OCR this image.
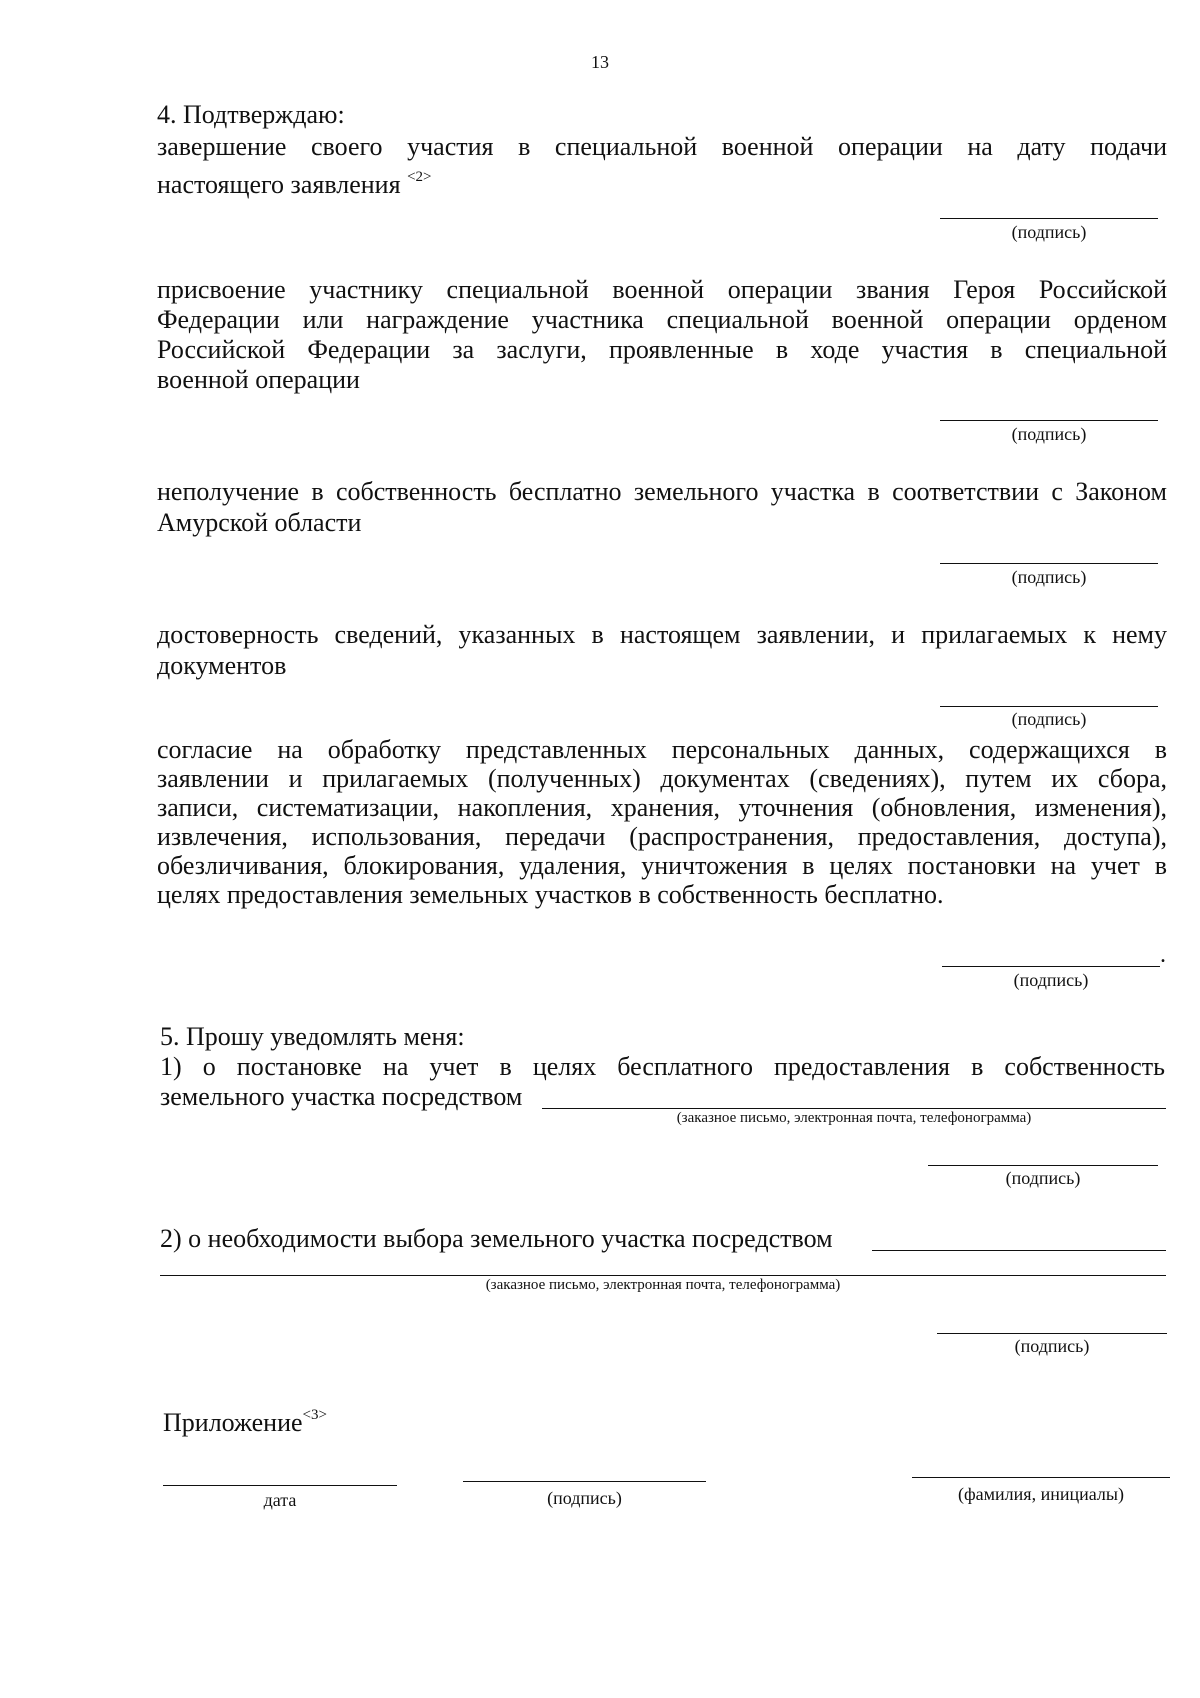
13
4. Подтверждаю:
завершение своего участия в специальной военной операции на дату подачи
настоящего заявления $^{<2>}$
(подпись)
присвоение участнику специальной военной операции звания Героя Российской
Федерации или награждение участника специальной военной операции орденом
Российской Федерации за заслуги, проявленные в ходе участия в специальной
военной операции
(подпись)
неполучение в собственность бесплатно земельного участка в соответствии с Законом
Амурской области
(подпись)
достоверность сведений, указанных в настоящем заявлении, и прилагаемых к нему
документов
(подпись)
согласие на обработку представленных персональных данных, содержащихся в
заявлении и прилагаемых (полученных) документах (сведениях), путем их сбора,
записи, систематизации, накопления, хранения, уточнения (обновления, изменения),
извлечения, использования, передачи (распространения, предоставления, доступа),
обезличивания, блокирования, удаления, уничтожения в целях постановки на учет в
целях предоставления земельных участков в собственность бесплатно.
.
(подпись)
5. Прошу уведомлять меня:
1) о постановке на учет в целях бесплатного предоставления в собственность
земельного участка посредством
(заказное письмо, электронная почта, телефонограмма)
(подпись)
2) о необходимости выбора земельного участка посредством
(заказное письмо, электронная почта, телефонограмма)
(подпись)
Приложение$^{<3>}$
дата	(подпись)	(фамилия, инициалы)
